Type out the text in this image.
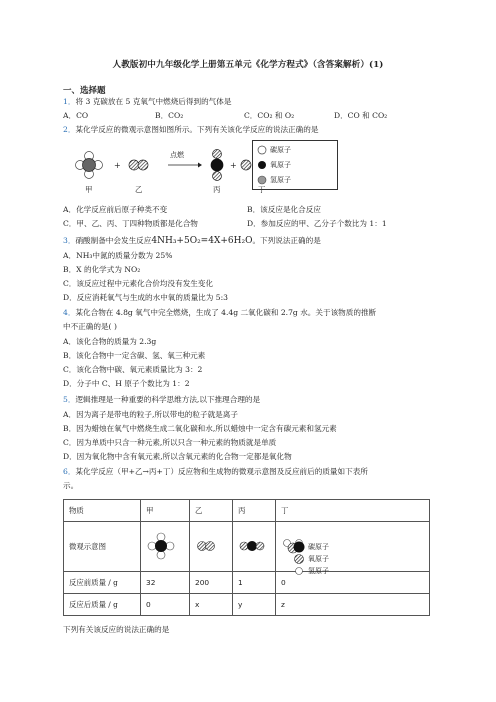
人教版初中九年级化学上册第五单元《化学方程式》（含答案解析）(1)
一、选择题
1．将 3 克碳放在 5 克氧气中燃烧后得到的气体是
A．CO	B．CO₂	C．CO₂ 和 O₂	D．CO 和 CO₂
2．某化学反应的微观示意图如图所示。下列有关该化学反应的说法正确的是
+	+
点燃
甲	乙	丙	丁
碳原子
氧原子
氢原子
A．化学反应前后原子种类不变	B．该反应是化合反应
C．甲、乙、丙、丁四种物质都是化合物	D．参加反应的甲、乙分子个数比为 1：1
3．硝酸制备中会发生反应4NH₃+5O₂=4X+6H₂O。下列说法正确的是
A．NH₃中氮的质量分数为 25%
B．X 的化学式为 NO₂
C．该反应过程中元素化合价均没有发生变化
D．反应消耗氧气与生成的水中氧的质量比为 5:3
4．某化合物在 4.8g 氧气中完全燃烧，生成了 4.4g 二氧化碳和 2.7g 水。关于该物质的推断
中不正确的是( )
A．该化合物的质量为 2.3g
B．该化合物中一定含碳、氢、氧三种元素
C．该化合物中碳、氧元素质量比为 3：2
D．分子中 C、H 原子个数比为 1：2
5．逻辑推理是一种重要的科学思维方法,以下推理合理的是
A．因为离子是带电的粒子,所以带电的粒子就是离子
B．因为蜡烛在氧气中燃烧生成二氧化碳和水,所以蜡烛中一定含有碳元素和氢元素
C．因为单质中只含一种元素,所以只含一种元素的物质就是单质
D．因为氧化物中含有氧元素,所以含氧元素的化合物一定都是氧化物
6．某化学反应（甲+乙→丙+丁）反应物和生成物的微观示意图及反应前后的质量如下表所
示。
物质	甲	乙	丙	丁
微观示意图				
反应前质量 / g	32	200	1	0
反应后质量 / g	0	x	y	z
碳原子
氧原子
氢原子
下列有关该反应的说法正确的是
